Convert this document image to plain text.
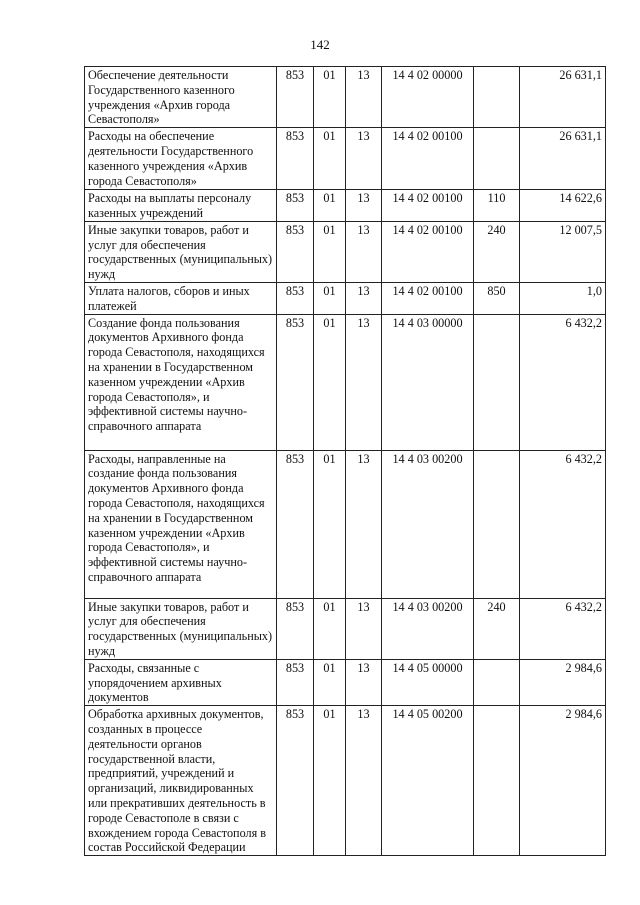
142
Обеспечение деятельности Государственного казенного учреждения «Архив города Севастополя»	853	01	13	14 4 02 00000		26 631,1
Расходы на обеспечение деятельности Государственного казенного учреждения «Архив города Севастополя»	853	01	13	14 4 02 00100		26 631,1
Расходы на выплаты персоналу казенных учреждений	853	01	13	14 4 02 00100	110	14 622,6
Иные закупки товаров, работ и услуг для обеспечения государственных (муниципальных) нужд	853	01	13	14 4 02 00100	240	12 007,5
Уплата налогов, сборов и иных платежей	853	01	13	14 4 02 00100	850	1,0
Создание фонда пользования документов Архивного фонда города Севастополя, находящихся на хранении в Государственном казенном учреждении «Архив города Севастополя», и эффективной системы научно-справочного аппарата	853	01	13	14 4 03 00000		6 432,2
Расходы, направленные на создание фонда пользования документов Архивного фонда города Севастополя, находящихся на хранении в Государственном казенном учреждении «Архив города Севастополя», и эффективной системы научно-справочного аппарата	853	01	13	14 4 03 00200		6 432,2
Иные закупки товаров, работ и услуг для обеспечения государственных (муниципальных) нужд	853	01	13	14 4 03 00200	240	6 432,2
Расходы, связанные с упорядочением архивных документов	853	01	13	14 4 05 00000		2 984,6
Обработка архивных документов, созданных в процессе деятельности органов государственной власти, предприятий, учреждений и организаций, ликвидированных или прекративших деятельность в городе Севастополе в связи с вхождением города Севастополя в состав Российской Федерации	853	01	13	14 4 05 00200		2 984,6
